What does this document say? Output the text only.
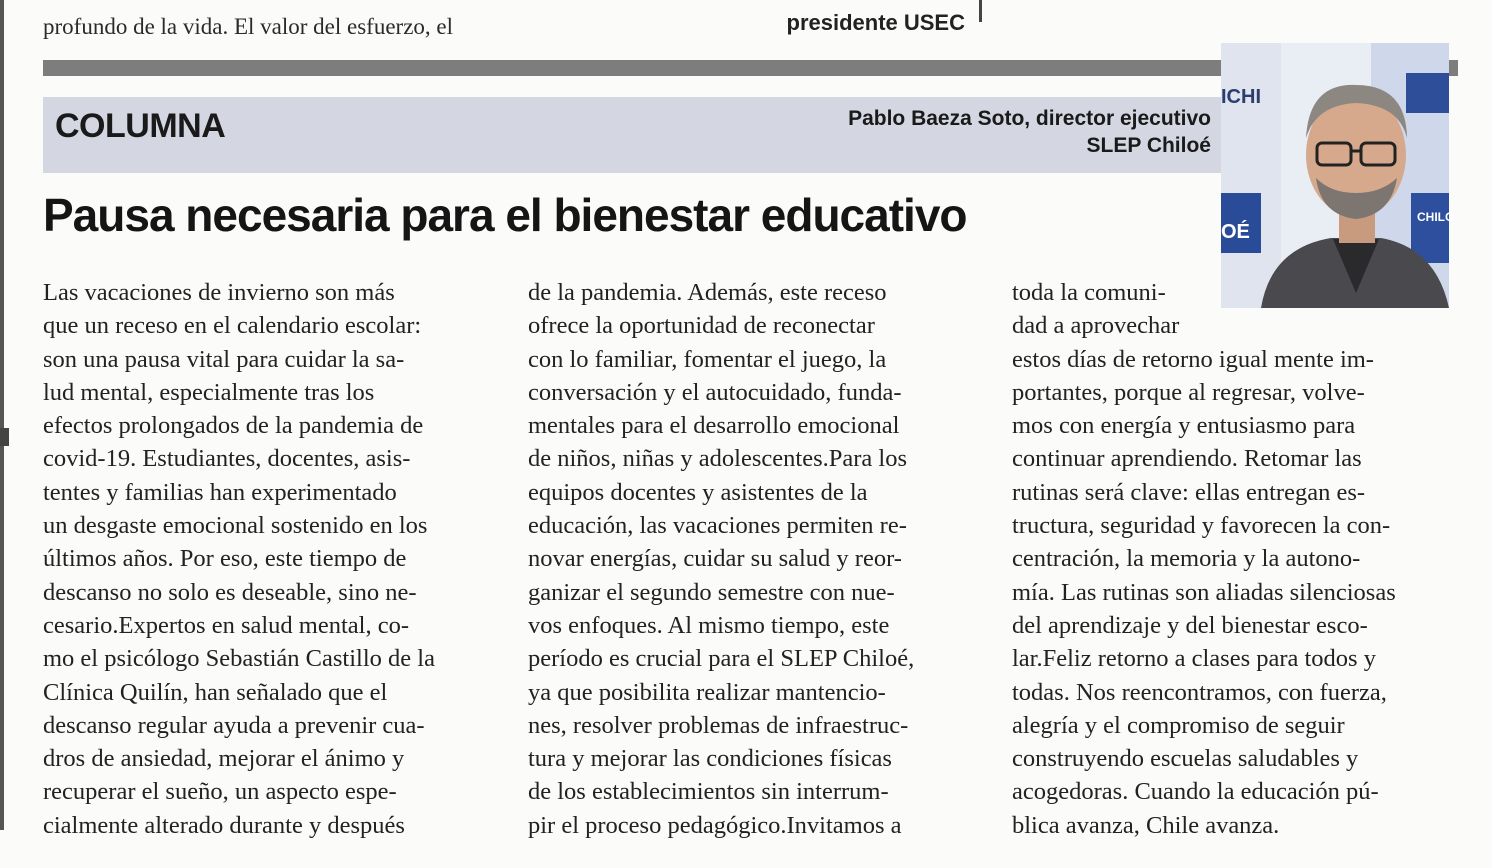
profundo de la vida. El valor del esfuerzo, el	presidente USEC
COLUMNA	Pablo Baeza Soto, director ejecutivo
SLEP Chiloé
Pausa necesaria para el bienestar educativo
ICHI
OÉ
CHILO
Las vacaciones de invierno son más
que un receso en el calendario escolar:
son una pausa vital para cuidar la sa-
lud mental, especialmente tras los
efectos prolongados de la pandemia de
covid-19. Estudiantes, docentes, asis-
tentes y familias han experimentado
un desgaste emocional sostenido en los
últimos años. Por eso, este tiempo de
descanso no solo es deseable, sino ne-
cesario.Expertos en salud mental, co-
mo el psicólogo Sebastián Castillo de la
Clínica Quilín, han señalado que el
descanso regular ayuda a prevenir cua-
dros de ansiedad, mejorar el ánimo y
recuperar el sueño, un aspecto espe-
cialmente alterado durante y después
de la pandemia. Además, este receso
ofrece la oportunidad de reconectar
con lo familiar, fomentar el juego, la
conversación y el autocuidado, funda-
mentales para el desarrollo emocional
de niños, niñas y adolescentes.Para los
equipos docentes y asistentes de la
educación, las vacaciones permiten re-
novar energías, cuidar su salud y reor-
ganizar el segundo semestre con nue-
vos enfoques. Al mismo tiempo, este
período es crucial para el SLEP Chiloé,
ya que posibilita realizar mantencio-
nes, resolver problemas de infraestruc-
tura y mejorar las condiciones físicas
de los establecimientos sin interrum-
pir el proceso pedagógico.Invitamos a
toda la comuni-
dad a aprovechar
estos días de retorno igual mente im-
portantes, porque al regresar, volve-
mos con energía y entusiasmo para
continuar aprendiendo. Retomar las
rutinas será clave: ellas entregan es-
tructura, seguridad y favorecen la con-
centración, la memoria y la autono-
mía. Las rutinas son aliadas silenciosas
del aprendizaje y del bienestar esco-
lar.Feliz retorno a clases para todos y
todas. Nos reencontramos, con fuerza,
alegría y el compromiso de seguir
construyendo escuelas saludables y
acogedoras. Cuando la educación pú-
blica avanza, Chile avanza.
